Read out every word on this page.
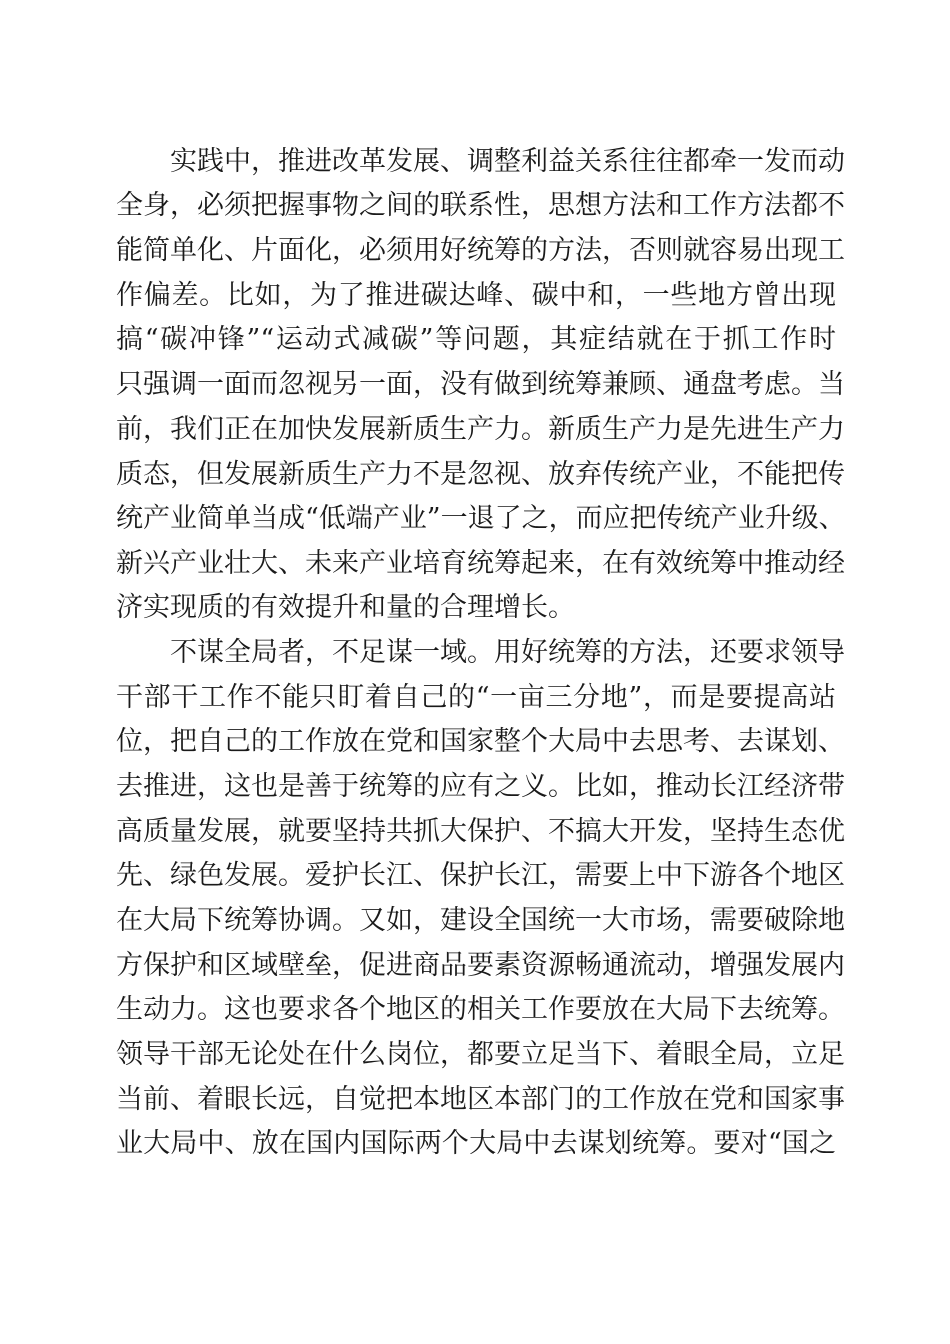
实践中，推进改革发展、调整利益关系往往都牵一发而动
全身，必须把握事物之间的联系性，思想方法和工作方法都不
能简单化、片面化，必须用好统筹的方法，否则就容易出现工
作偏差。比如，为了推进碳达峰、碳中和，一些地方曾出现
搞“碳冲锋”“运动式减碳”等问题，其症结就在于抓工作时
只强调一面而忽视另一面，没有做到统筹兼顾、通盘考虑。当
前，我们正在加快发展新质生产力。新质生产力是先进生产力
质态，但发展新质生产力不是忽视、放弃传统产业，不能把传
统产业简单当成“低端产业”一退了之，而应把传统产业升级、
新兴产业壮大、未来产业培育统筹起来，在有效统筹中推动经
济实现质的有效提升和量的合理增长。
不谋全局者，不足谋一域。用好统筹的方法，还要求领导
干部干工作不能只盯着自己的“一亩三分地”，而是要提高站
位，把自己的工作放在党和国家整个大局中去思考、去谋划、
去推进，这也是善于统筹的应有之义。比如，推动长江经济带
高质量发展，就要坚持共抓大保护、不搞大开发，坚持生态优
先、绿色发展。爱护长江、保护长江，需要上中下游各个地区
在大局下统筹协调。又如，建设全国统一大市场，需要破除地
方保护和区域壁垒，促进商品要素资源畅通流动，增强发展内
生动力。这也要求各个地区的相关工作要放在大局下去统筹。
领导干部无论处在什么岗位，都要立足当下、着眼全局，立足
当前、着眼长远，自觉把本地区本部门的工作放在党和国家事
业大局中、放在国内国际两个大局中去谋划统筹。要对“国之
